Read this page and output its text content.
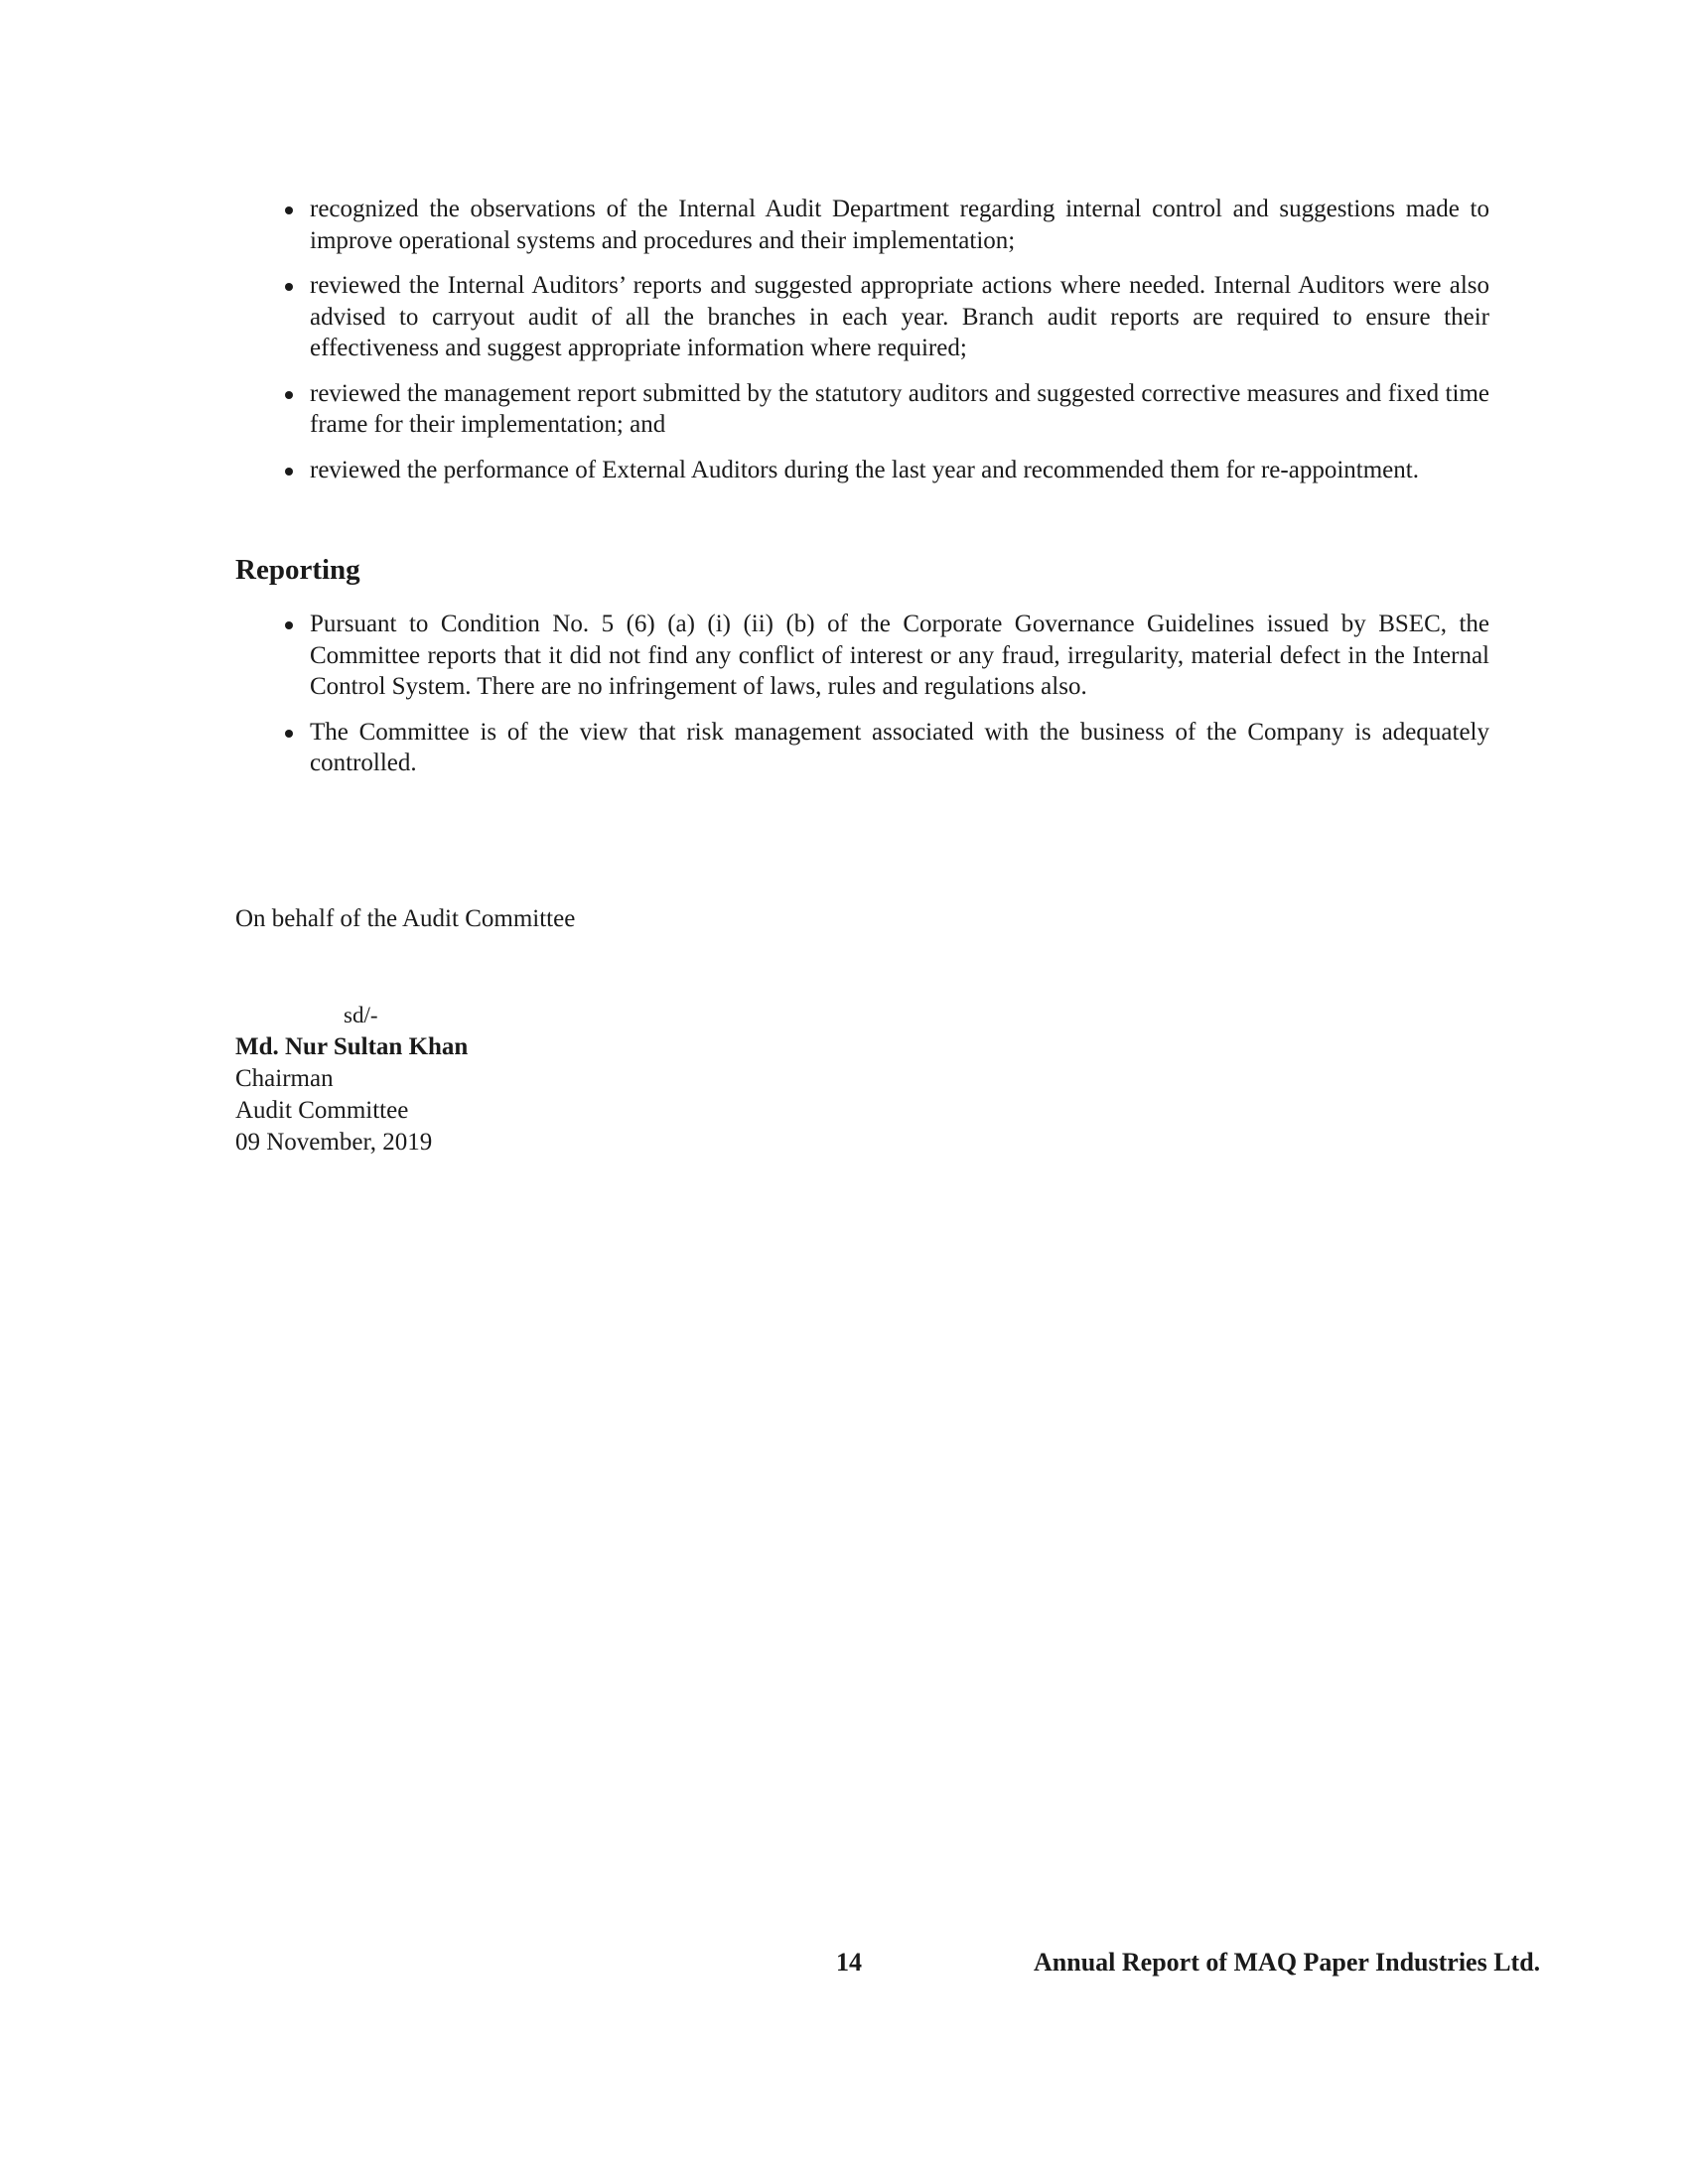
recognized the observations of the Internal Audit Department regarding internal control and suggestions made to improve operational systems and procedures and their implementation;
reviewed the Internal Auditors’ reports and suggested appropriate actions where needed. Internal Auditors were also advised to carryout audit of all the branches in each year. Branch audit reports are required to ensure their effectiveness and suggest appropriate information where required;
reviewed the management report submitted by the statutory auditors and suggested corrective measures and fixed time frame for their implementation; and
reviewed the performance of External Auditors during the last year and recommended them for re-appointment.
Reporting
Pursuant to Condition No. 5 (6) (a) (i) (ii) (b) of the Corporate Governance Guidelines issued by BSEC, the Committee reports that it did not find any conflict of interest or any fraud, irregularity, material defect in the Internal Control System. There are no infringement of laws, rules and regulations also.
The Committee is of the view that risk management associated with the business of the Company is adequately controlled.
On behalf of the Audit Committee
sd/-
Md. Nur Sultan Khan
Chairman
Audit Committee
09 November, 2019
14	Annual Report of MAQ Paper Industries Ltd.
